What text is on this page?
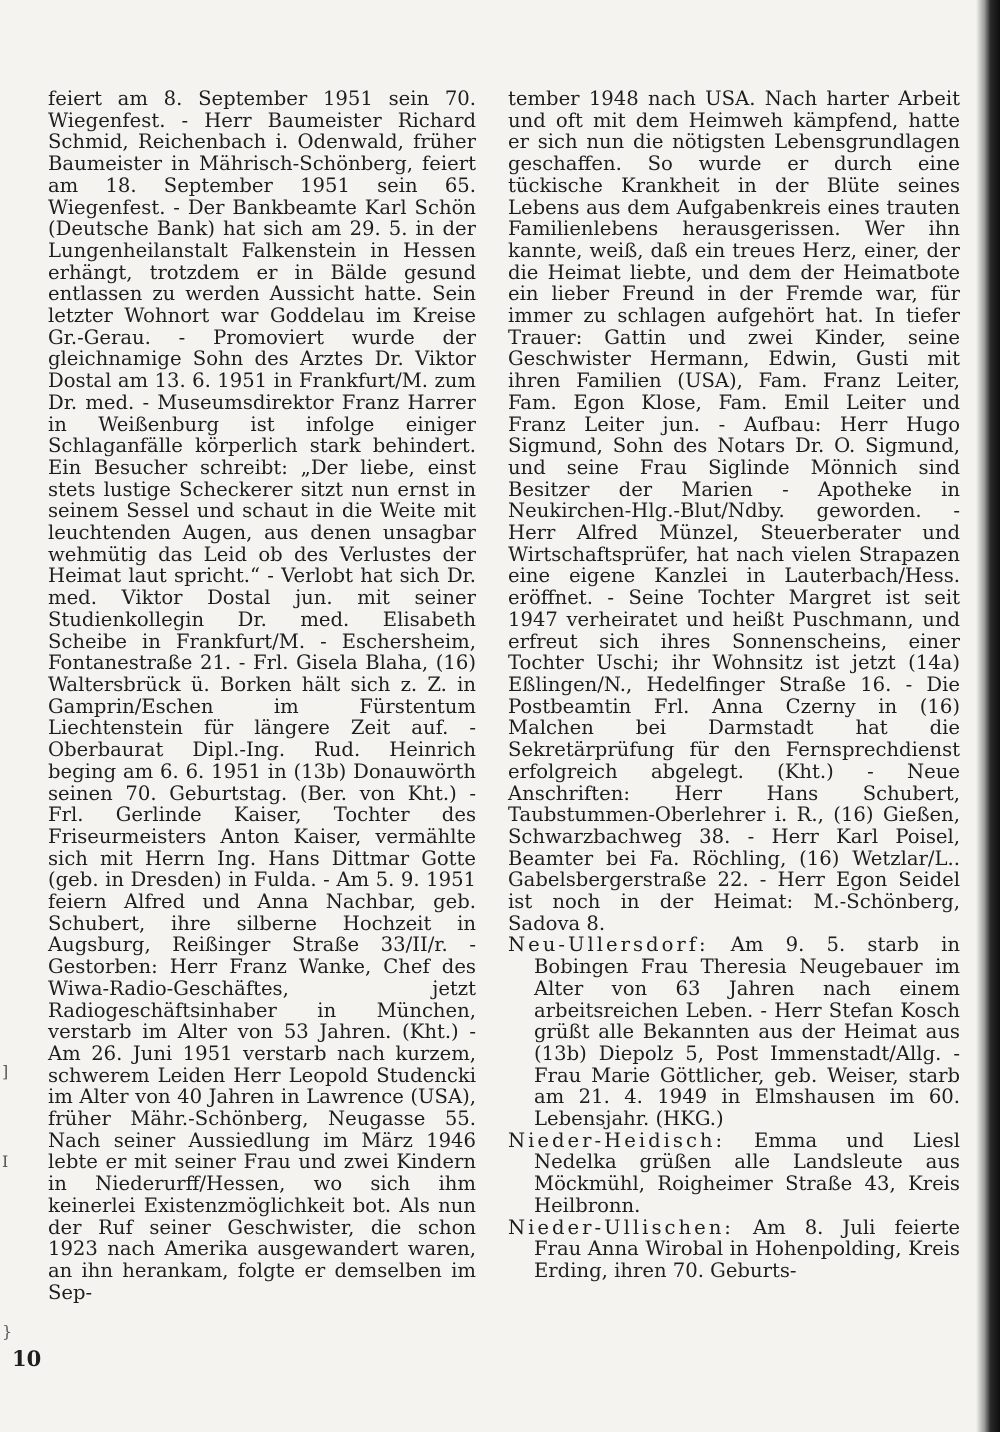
feiert am 8. September 1951 sein 70. Wiegenfest. - Herr Baumeister Richard Schmid, Reichenbach i. Odenwald, früher Baumeister in Mährisch-Schönberg, feiert am 18. September 1951 sein 65. Wiegenfest. - Der Bankbeamte Karl Schön (Deutsche Bank) hat sich am 29. 5. in der Lungenheilanstalt Falkenstein in Hessen erhängt, trotzdem er in Bälde gesund entlassen zu werden Aussicht hatte. Sein letzter Wohnort war Goddelau im Kreise Gr.-Gerau. - Promoviert wurde der gleichnamige Sohn des Arztes Dr. Viktor Dostal am 13. 6. 1951 in Frankfurt/M. zum Dr. med. - Museumsdirektor Franz Harrer in Weißenburg ist infolge einiger Schlaganfälle körperlich stark behindert. Ein Besucher schreibt: „Der liebe, einst stets lustige Scheckerer sitzt nun ernst in seinem Sessel und schaut in die Weite mit leuchtenden Augen, aus denen unsagbar wehmütig das Leid ob des Verlustes der Heimat laut spricht.“ - Verlobt hat sich Dr. med. Viktor Dostal jun. mit seiner Studienkollegin Dr. med. Elisabeth Scheibe in Frankfurt/M. - Eschersheim, Fontanestraße 21. - Frl. Gisela Blaha, (16) Waltersbrück ü. Borken hält sich z. Z. in Gamprin/Eschen im Fürstentum Liechtenstein für längere Zeit auf. - Oberbaurat Dipl.-Ing. Rud. Heinrich beging am 6. 6. 1951 in (13b) Donauwörth seinen 70. Geburtstag. (Ber. von Kht.) - Frl. Gerlinde Kaiser, Tochter des Friseurmeisters Anton Kaiser, vermählte sich mit Herrn Ing. Hans Dittmar Gotte (geb. in Dresden) in Fulda. - Am 5. 9. 1951 feiern Alfred und Anna Nachbar, geb. Schubert, ihre silberne Hochzeit in Augsburg, Reißinger Straße 33/II/r. - Gestorben: Herr Franz Wanke, Chef des Wiwa-Radio-Geschäftes, jetzt Radiogeschäftsinhaber in München, verstarb im Alter von 53 Jahren. (Kht.) - Am 26. Juni 1951 verstarb nach kurzem, schwerem Leiden Herr Leopold Studencki im Alter von 40 Jahren in Lawrence (USA), früher Mähr.-Schönberg, Neugasse 55. Nach seiner Aussiedlung im März 1946 lebte er mit seiner Frau und zwei Kindern in Niederurff/Hessen, wo sich ihm keinerlei Existenzmöglichkeit bot. Als nun der Ruf seiner Geschwister, die schon 1923 nach Amerika ausgewandert waren, an ihn herankam, folgte er demselben im Sep-

tember 1948 nach USA. Nach harter Arbeit und oft mit dem Heimweh kämpfend, hatte er sich nun die nötigsten Lebensgrundlagen geschaffen. So wurde er durch eine tückische Krankheit in der Blüte seines Lebens aus dem Aufgabenkreis eines trauten Familienlebens herausgerissen. Wer ihn kannte, weiß, daß ein treues Herz, einer, der die Heimat liebte, und dem der Heimatbote ein lieber Freund in der Fremde war, für immer zu schlagen aufgehört hat. In tiefer Trauer: Gattin und zwei Kinder, seine Geschwister Hermann, Edwin, Gusti mit ihren Familien (USA), Fam. Franz Leiter, Fam. Egon Klose, Fam. Emil Leiter und Franz Leiter jun. - Aufbau: Herr Hugo Sigmund, Sohn des Notars Dr. O. Sigmund, und seine Frau Siglinde Mönnich sind Besitzer der Marien - Apotheke in Neukirchen-Hlg.-Blut/Ndby. geworden. - Herr Alfred Münzel, Steuerberater und Wirtschaftsprüfer, hat nach vielen Strapazen eine eigene Kanzlei in Lauterbach/Hess. eröffnet. - Seine Tochter Margret ist seit 1947 verheiratet und heißt Puschmann, und erfreut sich ihres Sonnenscheins, einer Tochter Uschi; ihr Wohnsitz ist jetzt (14a) Eßlingen/N., Hedelfinger Straße 16. - Die Postbeamtin Frl. Anna Czerny in (16) Malchen bei Darmstadt hat die Sekretärprüfung für den Fernsprechdienst erfolgreich abgelegt. (Kht.) - Neue Anschriften: Herr Hans Schubert, Taubstummen-Oberlehrer i. R., (16) Gießen, Schwarzbachweg 38. - Herr Karl Poisel, Beamter bei Fa. Röchling, (16) Wetzlar/L.. Gabelsbergerstraße 22. - Herr Egon Seidel ist noch in der Heimat: M.-Schönberg, Sadova 8.

Neu-Ullersdorf: Am 9. 5. starb in Bobingen Frau Theresia Neugebauer im Alter von 63 Jahren nach einem arbeitsreichen Leben. - Herr Stefan Kosch grüßt alle Bekannten aus der Heimat aus (13b) Diepolz 5, Post Immenstadt/Allg. - Frau Marie Göttlicher, geb. Weiser, starb am 21. 4. 1949 in Elmshausen im 60. Lebensjahr. (HKG.)

Nieder-Heidisch: Emma und Liesl Nedelka grüßen alle Landsleute aus Möckmühl, Roigheimer Straße 43, Kreis Heilbronn.

Nieder-Ullischen: Am 8. Juli feierte Frau Anna Wirobal in Hohenpolding, Kreis Erding, ihren 70. Geburts-

10
]
I
}
